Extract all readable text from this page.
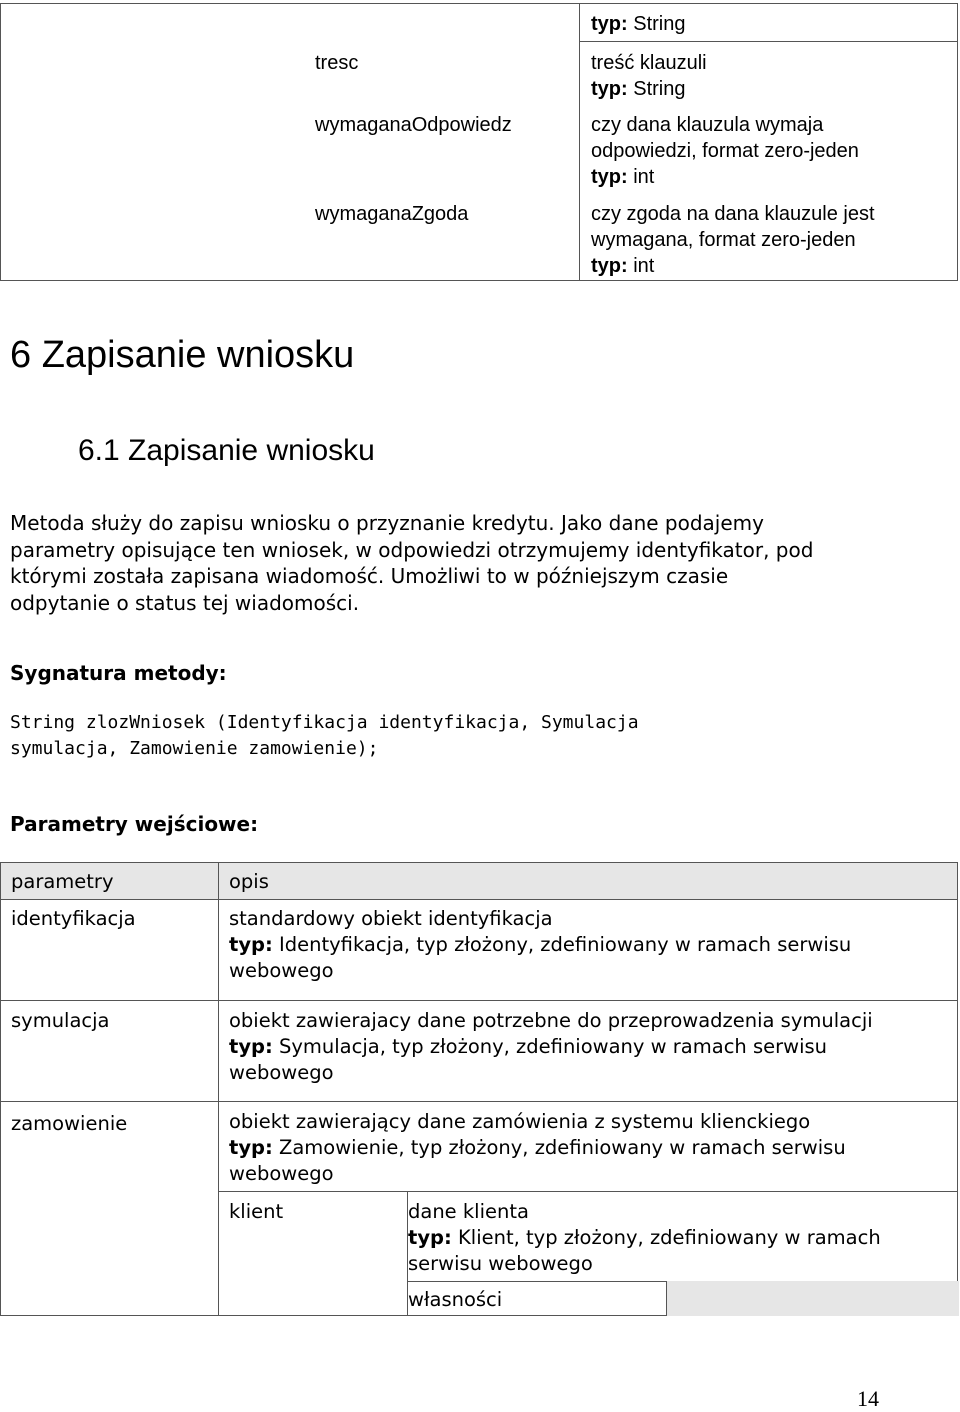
typ: String
tresc	treść klauzuli
typ: String
wymaganaOdpowiedz	czy dana klauzula wymaja
odpowiedzi, format zero-jeden
typ: int
wymaganaZgoda	czy zgoda na dana klauzule jest
wymagana, format zero-jeden
typ: int
6 Zapisanie wniosku
6.1 Zapisanie wniosku
Metoda służy do zapisu wniosku o przyznanie kredytu. Jako dane podajemy
parametry opisujące ten wniosek, w odpowiedzi otrzymujemy identyfikator, pod
którymi została zapisana wiadomość. Umożliwi to w późniejszym czasie
odpytanie o status tej wiadomości.
Sygnatura metody:
String zlozWniosek (Identyfikacja identyfikacja, Symulacja
symulacja, Zamowienie zamowienie);
Parametry wejściowe:
parametry	opis
identyfikacja	standardowy obiekt identyfikacja
typ: Identyfikacja, typ złożony, zdefiniowany w ramach serwisu
webowego
symulacja	obiekt zawierajacy dane potrzebne do przeprowadzenia symulacji
typ: Symulacja, typ złożony, zdefiniowany w ramach serwisu
webowego
zamowienie	obiekt zawierający dane zamówienia z systemu klienckiego
typ: Zamowienie, typ złożony, zdefiniowany w ramach serwisu
webowego
klient	dane klienta
typ: Klient, typ złożony, zdefiniowany w ramach
serwisu webowego
własności
14
